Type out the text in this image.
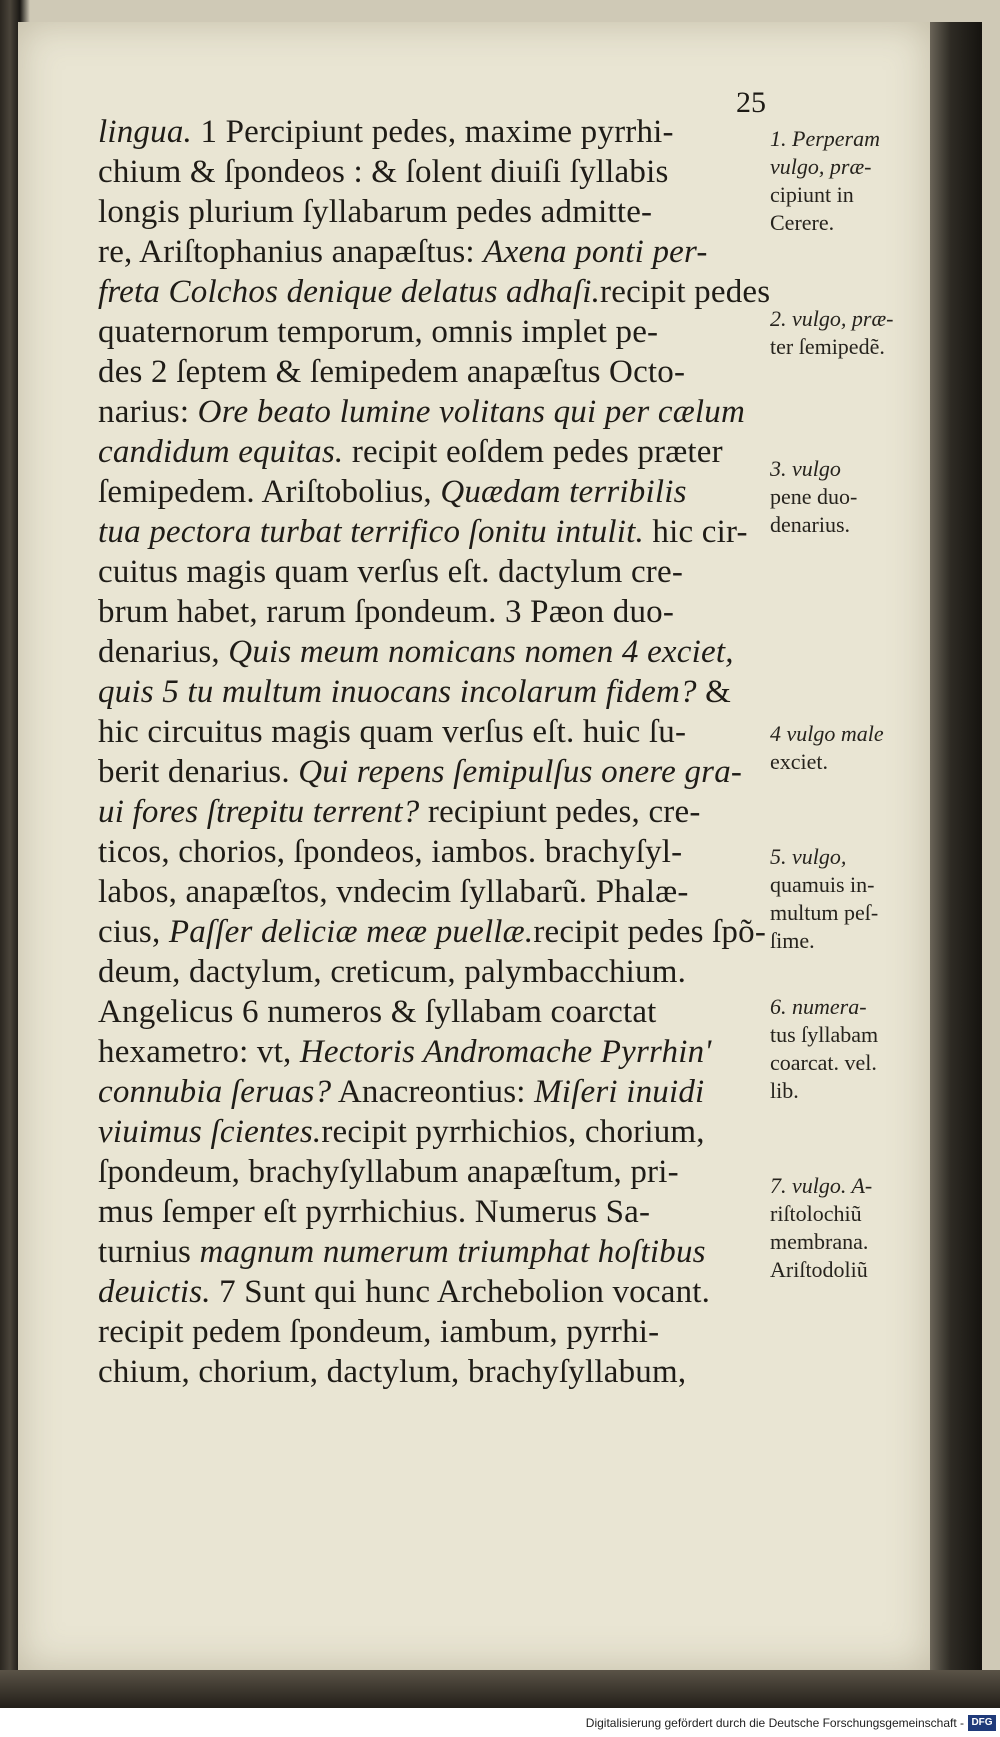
25
lingua. 1 Percipiunt pedes, maxime pyrrhi-
chium & ſpondeos : & ſolent diuiſi ſyllabis
longis plurium ſyllabarum pedes admitte-
re, Ariſtophanius anapæſtus: Axena ponti per-
freta Colchos denique delatus adhaſi.recipit pedes
quaternorum temporum, omnis implet pe-
des 2 ſeptem & ſemipedem anapæſtus Octo-
narius: Ore beato lumine volitans qui per cælum
candidum equitas. recipit eoſdem pedes præter
ſemipedem. Ariſtobolius, Quædam terribilis
tua pectora turbat terrifico ſonitu intulit. hic cir-
cuitus magis quam verſus eſt. dactylum cre-
brum habet, rarum ſpondeum. 3 Pæon duo-
denarius, Quis meum nomicans nomen 4 exciet,
quis 5 tu multum inuocans incolarum fidem? &
hic circuitus magis quam verſus eſt. huic ſu-
berit denarius. Qui repens ſemipulſus onere gra-
ui fores ſtrepitu terrent? recipiunt pedes, cre-
ticos, chorios, ſpondeos, iambos. brachyſyl-
labos, anapæſtos, vndecim ſyllabarũ. Phalæ-
cius, Paſſer deliciæ meæ puellæ.recipit pedes ſpõ-
deum, dactylum, creticum, palymbacchium.
Angelicus 6 numeros & ſyllabam coarctat
hexametro: vt, Hectoris Andromache Pyrrhin'
connubia ſeruas? Anacreontius: Miſeri inuidi
viuimus ſcientes.recipit pyrrhichios, chorium,
ſpondeum, brachyſyllabum anapæſtum, pri-
mus ſemper eſt pyrrhichius. Numerus Sa-
turnius magnum numerum triumphat hoſtibus
deuictis. 7 Sunt qui hunc Archebolion vocant.
recipit pedem ſpondeum, iambum, pyrrhi-
chium, chorium, dactylum, brachyſyllabum,
1. Perperam
vulgo, præ-
cipiunt in
Cerere.
2. vulgo, præ-
ter ſemipedẽ.
3. vulgo
pene duo-
denarius.
4 vulgo male
exciet.
5. vulgo,
quamuis in-
multum peſ-
ſime.
6. numera-
tus ſyllabam
coarcat. vel.
lib.
7. vulgo. A-
riſtolochiũ
membrana.
Ariſtodoliũ
Digitalisierung gefördert durch die Deutsche Forschungsgemeinschaft - DFG
